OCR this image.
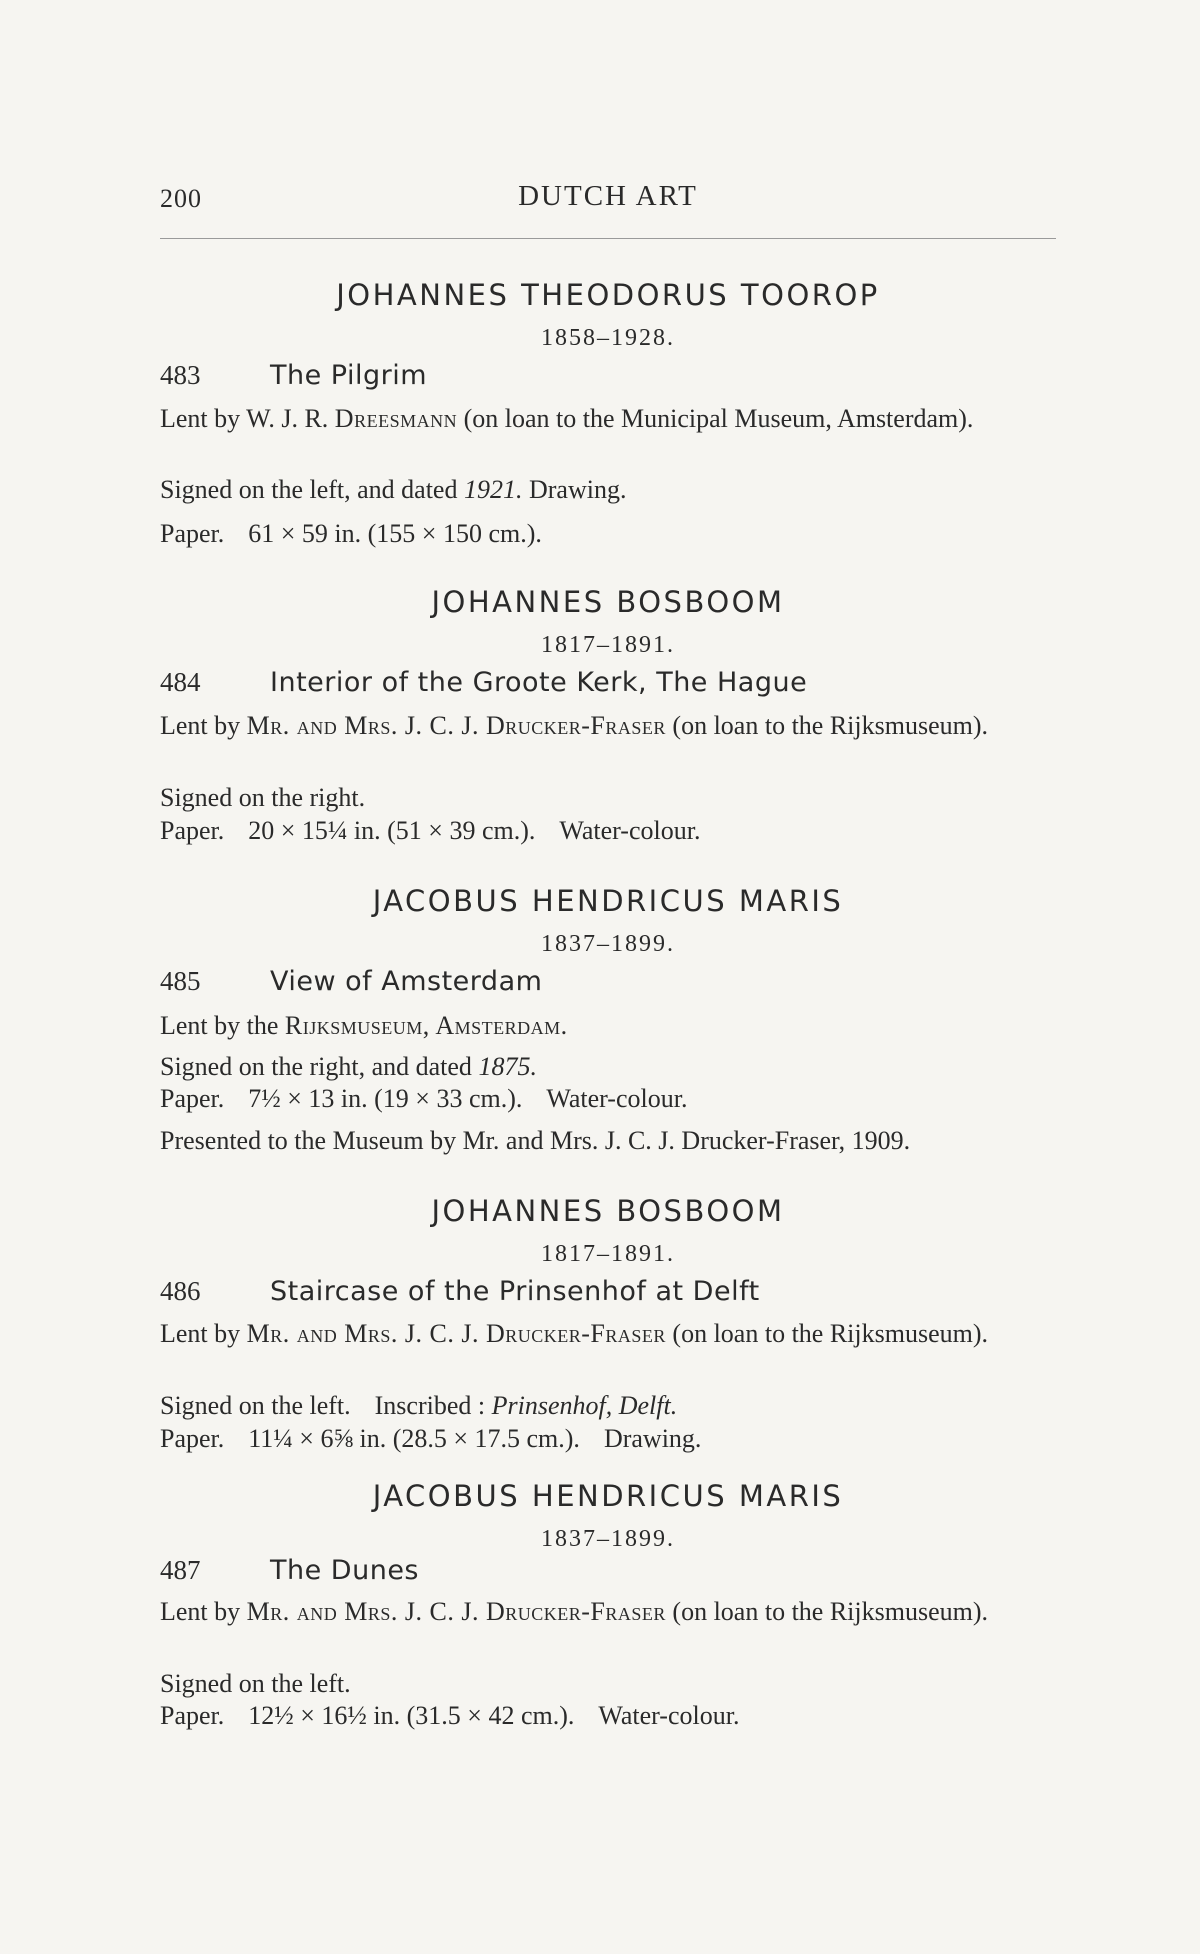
200	DUTCH ART
JOHANNES THEODORUS TOOROP
1858–1928.
483	The Pilgrim
Lent by W. J. R. Dreesmann (on loan to the Municipal Museum, Amsterdam).
Signed on the left, and dated 1921. Drawing.
Paper. 61 × 59 in. (155 × 150 cm.).
JOHANNES BOSBOOM
1817–1891.
484	Interior of the Groote Kerk, The Hague
Lent by Mr. and Mrs. J. C. J. Drucker-Fraser (on loan to the Rijksmuseum).
Signed on the right.
Paper. 20 × 15¼ in. (51 × 39 cm.). Water-colour.
JACOBUS HENDRICUS MARIS
1837–1899.
485	View of Amsterdam
Lent by the Rijksmuseum, Amsterdam.
Signed on the right, and dated 1875.
Paper. 7½ × 13 in. (19 × 33 cm.). Water-colour.
Presented to the Museum by Mr. and Mrs. J. C. J. Drucker-Fraser, 1909.
JOHANNES BOSBOOM
1817–1891.
486	Staircase of the Prinsenhof at Delft
Lent by Mr. and Mrs. J. C. J. Drucker-Fraser (on loan to the Rijksmuseum).
Signed on the left. Inscribed : Prinsenhof, Delft.
Paper. 11¼ × 6⅝ in. (28.5 × 17.5 cm.). Drawing.
JACOBUS HENDRICUS MARIS
1837–1899.
487	The Dunes
Lent by Mr. and Mrs. J. C. J. Drucker-Fraser (on loan to the Rijksmuseum).
Signed on the left.
Paper. 12½ × 16½ in. (31.5 × 42 cm.). Water-colour.
